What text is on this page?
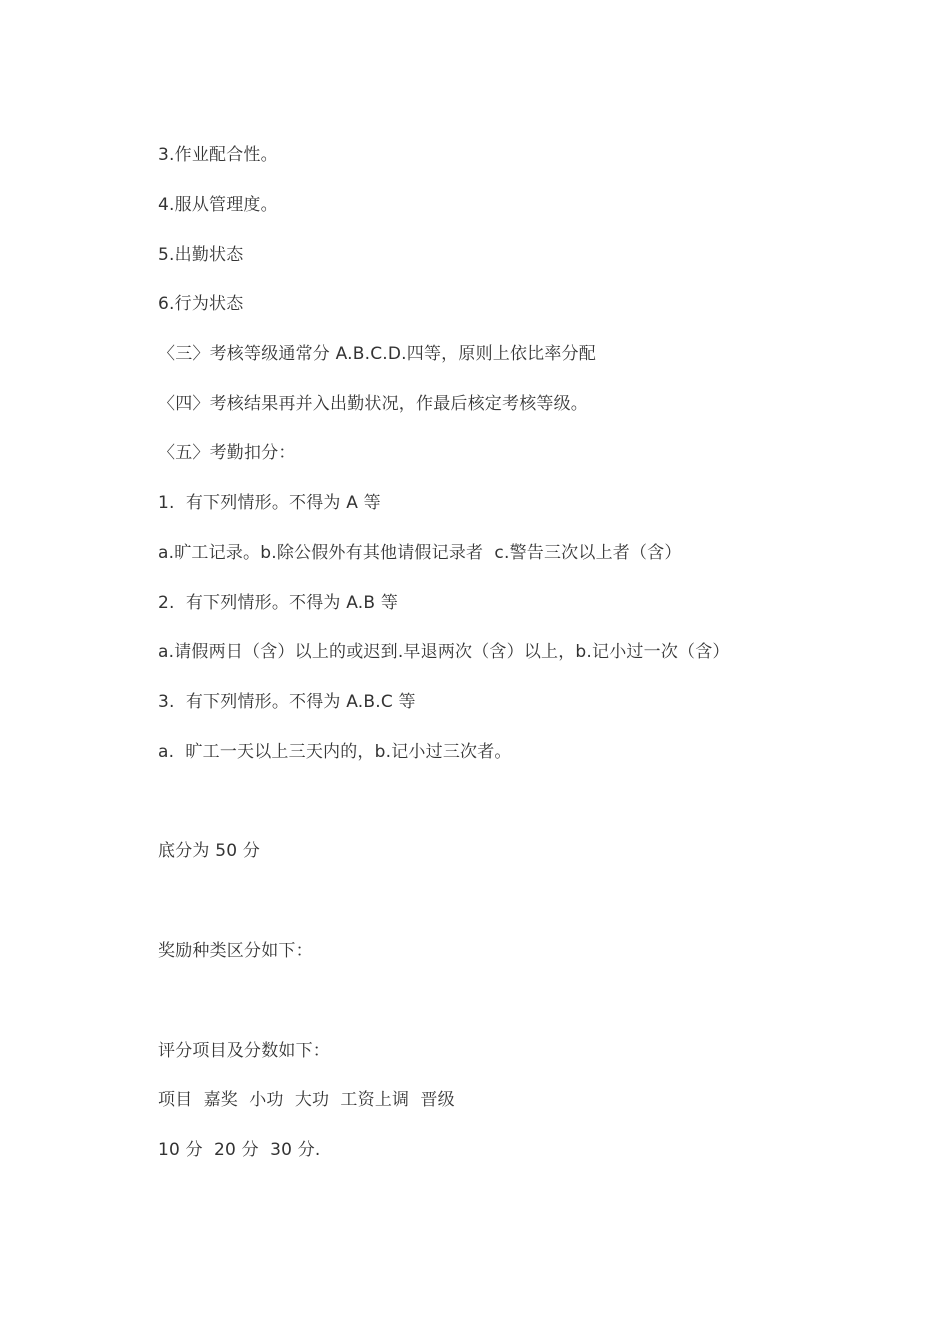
3.作业配合性。
4.服从管理度。
5.出勤状态
6.行为状态
〈三〉考核等级通常分 A.B.C.D.四等，原则上依比率分配
〈四〉考核结果再并入出勤状况，作最后核定考核等级。
〈五〉考勤扣分：
1.  有下列情形。不得为 A 等
a.旷工记录。b.除公假外有其他请假记录者  c.警告三次以上者（含）
2.  有下列情形。不得为 A.B 等
a.请假两日（含）以上的或迟到.早退两次（含）以上，b.记小过一次（含）
3.  有下列情形。不得为 A.B.C 等
a.  旷工一天以上三天内的，b.记小过三次者。
底分为 50 分
奖励种类区分如下：
评分项目及分数如下：
项目  嘉奖  小功  大功  工资上调  晋级
10 分  20 分  30 分.
